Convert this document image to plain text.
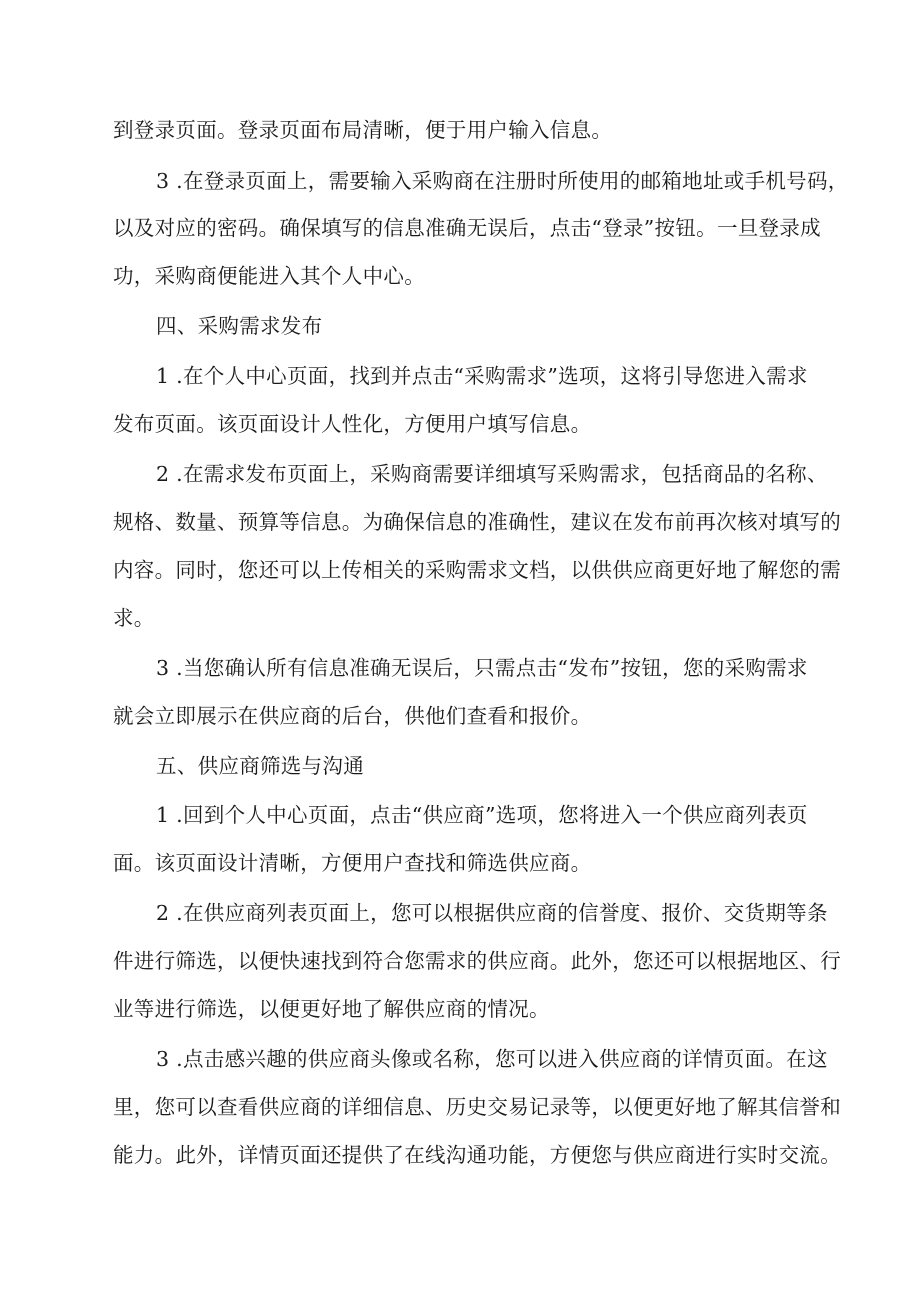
到登录页面。登录页面布局清晰，便于用户输入信息。
3 .在登录页面上，需要输入采购商在注册时所使用的邮箱地址或手机号码，
以及对应的密码。确保填写的信息准确无误后，点击“登录”按钮。一旦登录成
功，采购商便能进入其个人中心。
四、采购需求发布
1 .在个人中心页面，找到并点击“采购需求”选项，这将引导您进入需求
发布页面。该页面设计人性化，方便用户填写信息。
2 .在需求发布页面上，采购商需要详细填写采购需求，包括商品的名称、
规格、数量、预算等信息。为确保信息的准确性，建议在发布前再次核对填写的
内容。同时，您还可以上传相关的采购需求文档，以供供应商更好地了解您的需
求。
3 .当您确认所有信息准确无误后，只需点击“发布”按钮，您的采购需求
就会立即展示在供应商的后台，供他们查看和报价。
五、供应商筛选与沟通
1 .回到个人中心页面，点击“供应商”选项，您将进入一个供应商列表页
面。该页面设计清晰，方便用户查找和筛选供应商。
2 .在供应商列表页面上，您可以根据供应商的信誉度、报价、交货期等条
件进行筛选，以便快速找到符合您需求的供应商。此外，您还可以根据地区、行
业等进行筛选，以便更好地了解供应商的情况。
3 .点击感兴趣的供应商头像或名称，您可以进入供应商的详情页面。在这
里，您可以查看供应商的详细信息、历史交易记录等，以便更好地了解其信誉和
能力。此外，详情页面还提供了在线沟通功能，方便您与供应商进行实时交流。
